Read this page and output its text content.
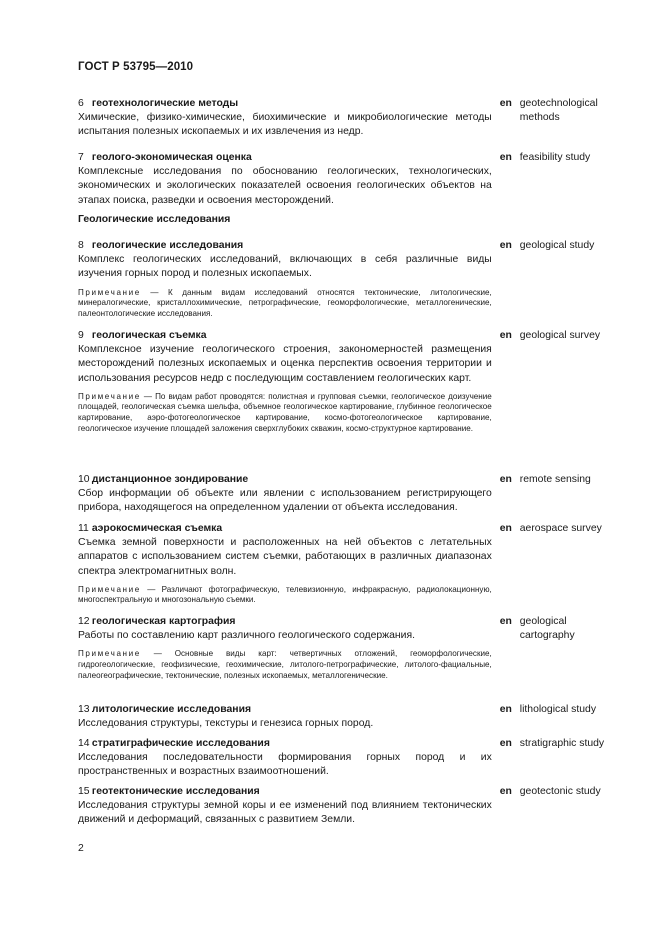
ГОСТ Р 53795—2010
6 геотехнологические методы
Химические, физико-химические, биохимические и микробиологические методы испытания полезных ископаемых и их извлечения из недр.
en geotechnological methods
7 геолого-экономическая оценка
Комплексные исследования по обоснованию геологических, технологических, экономических и экологических показателей освоения геологических объектов на этапах поиска, разведки и освоения месторождений.
en feasibility study
Геологические исследования
8 геологические исследования
Комплекс геологических исследований, включающих в себя различные виды изучения горных пород и полезных ископаемых.
Примечание — К данным видам исследований относятся тектонические, литологические, минералогические, кристаллохимические, петрографические, геоморфологические, металлогенические, палеонтологические исследования.
en geological study
9 геологическая съемка
Комплексное изучение геологического строения, закономерностей размещения месторождений полезных ископаемых и оценка перспектив освоения территории и использования ресурсов недр с последующим составлением геологических карт.
Примечание — По видам работ проводятся: полистная и групповая съемки, геологическое доизучение площадей, геологическая съемка шельфа, объемное геологическое картирование, глубинное геологическое картирование, аэро-фотогеологическое картирование, космо-фотогеологическое картирование, геологическое изучение площадей заложения сверхглубоких скважин, космо-структурное картирование.
en geological survey
10 дистанционное зондирование
Сбор информации об объекте или явлении с использованием регистрирующего прибора, находящегося на определенном удалении от объекта исследования.
en remote sensing
11 аэрокосмическая съемка
Съемка земной поверхности и расположенных на ней объектов с летательных аппаратов с использованием систем съемки, работающих в различных диапазонах спектра электромагнитных волн.
Примечание — Различают фотографическую, телевизионную, инфракрасную, радиолокационную, многоспектральную и многозональную съемки.
en aerospace survey
12 геологическая картография
Работы по составлению карт различного геологического содержания.
Примечание — Основные виды карт: четвертичных отложений, геоморфологические, гидрогеологические, геофизические, геохимические, литолого-петрографические, литолого-фациальные, палеогеографические, тектонические, полезных ископаемых, металлогенические.
en geological cartography
13 литологические исследования
Исследования структуры, текстуры и генезиса горных пород.
en lithological study
14 стратиграфические исследования
Исследования последовательности формирования горных пород и их пространственных и возрастных взаимоотношений.
en stratigraphic study
15 геотектонические исследования
Исследования структуры земной коры и ее изменений под влиянием тектонических движений и деформаций, связанных с развитием Земли.
en geotectonic study
2
